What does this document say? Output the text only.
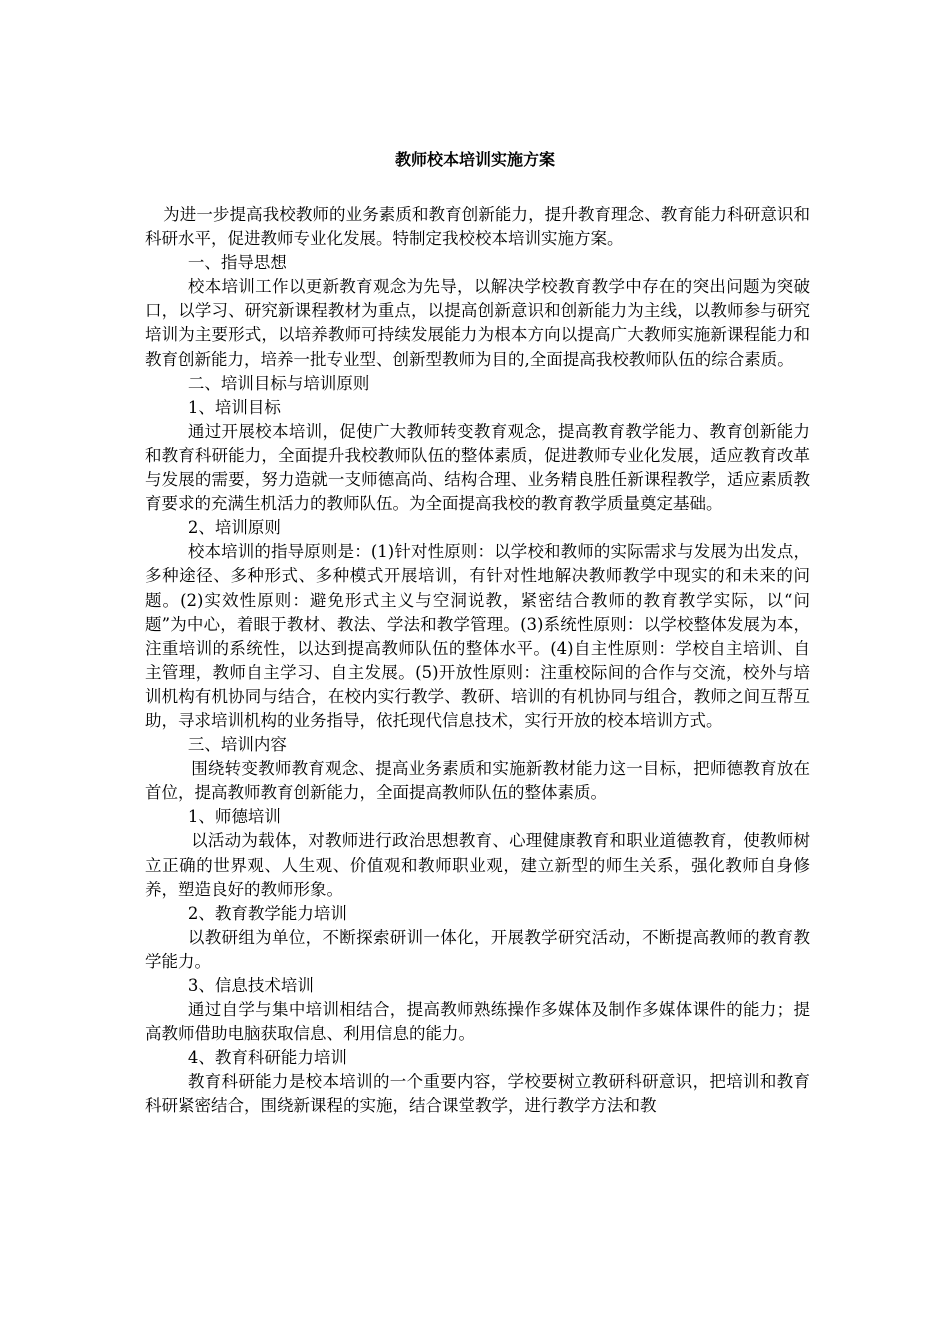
教师校本培训实施方案

为进一步提高我校教师的业务素质和教育创新能力，提升教育理念、教育能力科研意识和科研水平，促进教师专业化发展。特制定我校校本培训实施方案。

一、指导思想

校本培训工作以更新教育观念为先导，以解决学校教育教学中存在的突出问题为突破口，以学习、研究新课程教材为重点，以提高创新意识和创新能力为主线，以教师参与研究培训为主要形式，以培养教师可持续发展能力为根本方向以提高广大教师实施新课程能力和教育创新能力，培养一批专业型、创新型教师为目的,全面提高我校教师队伍的综合素质。

二、培训目标与培训原则

1、培训目标

通过开展校本培训，促使广大教师转变教育观念，提高教育教学能力、教育创新能力和教育科研能力，全面提升我校教师队伍的整体素质，促进教师专业化发展，适应教育改革与发展的需要，努力造就一支师德高尚、结构合理、业务精良胜任新课程教学，适应素质教育要求的充满生机活力的教师队伍。为全面提高我校的教育教学质量奠定基础。

2、培训原则

校本培训的指导原则是：(1)针对性原则：以学校和教师的实际需求与发展为出发点，多种途径、多种形式、多种模式开展培训，有针对性地解决教师教学中现实的和未来的问题。(2)实效性原则：避免形式主义与空洞说教，紧密结合教师的教育教学实际，以“问题”为中心，着眼于教材、教法、学法和教学管理。(3)系统性原则：以学校整体发展为本，注重培训的系统性，以达到提高教师队伍的整体水平。(4)自主性原则：学校自主培训、自主管理，教师自主学习、自主发展。(5)开放性原则：注重校际间的合作与交流，校外与培训机构有机协同与结合，在校内实行教学、教研、培训的有机协同与组合，教师之间互帮互助，寻求培训机构的业务指导，依托现代信息技术，实行开放的校本培训方式。

三、培训内容

围绕转变教师教育观念、提高业务素质和实施新教材能力这一目标，把师德教育放在首位，提高教师教育创新能力，全面提高教师队伍的整体素质。

1、师德培训

以活动为载体，对教师进行政治思想教育、心理健康教育和职业道德教育，使教师树立正确的世界观、人生观、价值观和教师职业观，建立新型的师生关系，强化教师自身修养，塑造良好的教师形象。

2、教育教学能力培训

以教研组为单位，不断探索研训一体化，开展教学研究活动，不断提高教师的教育教学能力。

3、信息技术培训

通过自学与集中培训相结合，提高教师熟练操作多媒体及制作多媒体课件的能力；提高教师借助电脑获取信息、利用信息的能力。

4、教育科研能力培训

教育科研能力是校本培训的一个重要内容，学校要树立教研科研意识，把培训和教育科研紧密结合，围绕新课程的实施，结合课堂教学，进行教学方法和教
